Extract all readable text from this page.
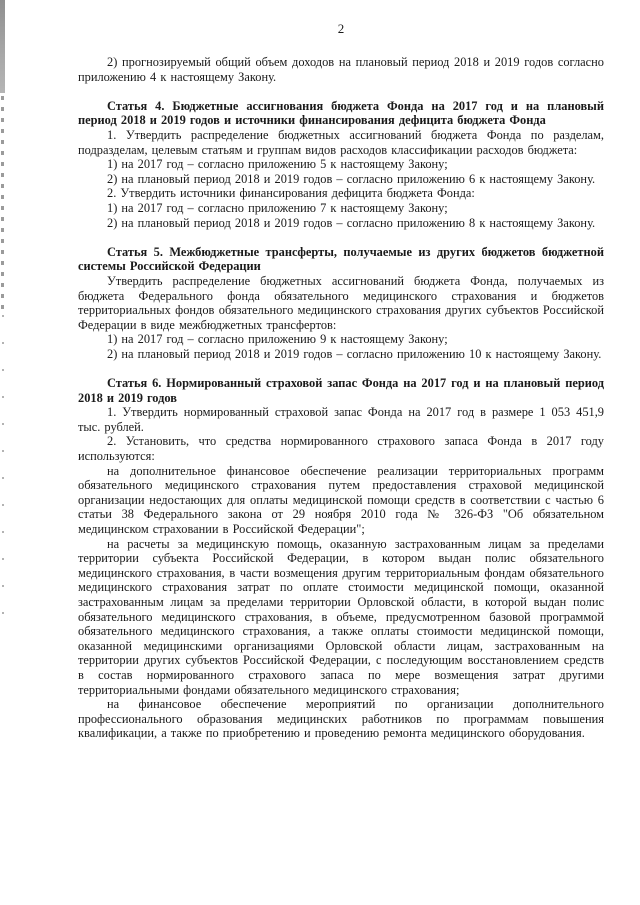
2

2) прогнозируемый общий объем доходов на плановый период 2018 и 2019 годов согласно приложению 4 к настоящему Закону.

Статья 4. Бюджетные ассигнования бюджета Фонда на 2017 год и на плановый период 2018 и 2019 годов и источники финансирования дефицита бюджета Фонда

1. Утвердить распределение бюджетных ассигнований бюджета Фонда по разделам, подразделам, целевым статьям и группам видов расходов классификации расходов бюджета:

1) на 2017 год – согласно приложению 5 к настоящему Закону;

2) на плановый период 2018 и 2019 годов – согласно приложению 6 к настоящему Закону.

2. Утвердить источники финансирования дефицита бюджета Фонда:

1) на 2017 год – согласно приложению 7 к настоящему Закону;

2) на плановый период 2018 и 2019 годов – согласно приложению 8 к настоящему Закону.

Статья 5. Межбюджетные трансферты, получаемые из других бюджетов бюджетной системы Российской Федерации

Утвердить распределение бюджетных ассигнований бюджета Фонда, получаемых из бюджета Федерального фонда обязательного медицинского страхования и бюджетов территориальных фондов обязательного медицинского страхования других субъектов Российской Федерации в виде межбюджетных трансфертов:

1) на 2017 год – согласно приложению 9 к настоящему Закону;

2) на плановый период 2018 и 2019 годов – согласно приложению 10 к настоящему Закону.

Статья 6. Нормированный страховой запас Фонда на 2017 год и на плановый период 2018 и 2019 годов

1. Утвердить нормированный страховой запас Фонда на 2017 год в размере 1 053 451,9 тыс. рублей.

2. Установить, что средства нормированного страхового запаса Фонда в 2017 году используются:

на дополнительное финансовое обеспечение реализации территориальных программ обязательного медицинского страхования путем предоставления страховой медицинской организации недостающих для оплаты медицинской помощи средств в соответствии с частью 6 статьи 38 Федерального закона от 29 ноября 2010 года № 326-ФЗ "Об обязательном медицинском страховании в Российской Федерации";

на расчеты за медицинскую помощь, оказанную застрахованным лицам за пределами территории субъекта Российской Федерации, в котором выдан полис обязательного медицинского страхования, в части возмещения другим территориальным фондам обязательного медицинского страхования затрат по оплате стоимости медицинской помощи, оказанной застрахованным лицам за пределами территории Орловской области, в которой выдан полис обязательного медицинского страхования, в объеме, предусмотренном базовой программой обязательного медицинского страхования, а также оплаты стоимости медицинской помощи, оказанной медицинскими организациями Орловской области лицам, застрахованным на территории других субъектов Российской Федерации, с последующим восстановлением средств в состав нормированного страхового запаса по мере возмещения затрат другими территориальными фондами обязательного медицинского страхования;

на финансовое обеспечение мероприятий по организации дополнительного профессионального образования медицинских работников по программам повышения квалификации, а также по приобретению и проведению ремонта медицинского оборудования.
